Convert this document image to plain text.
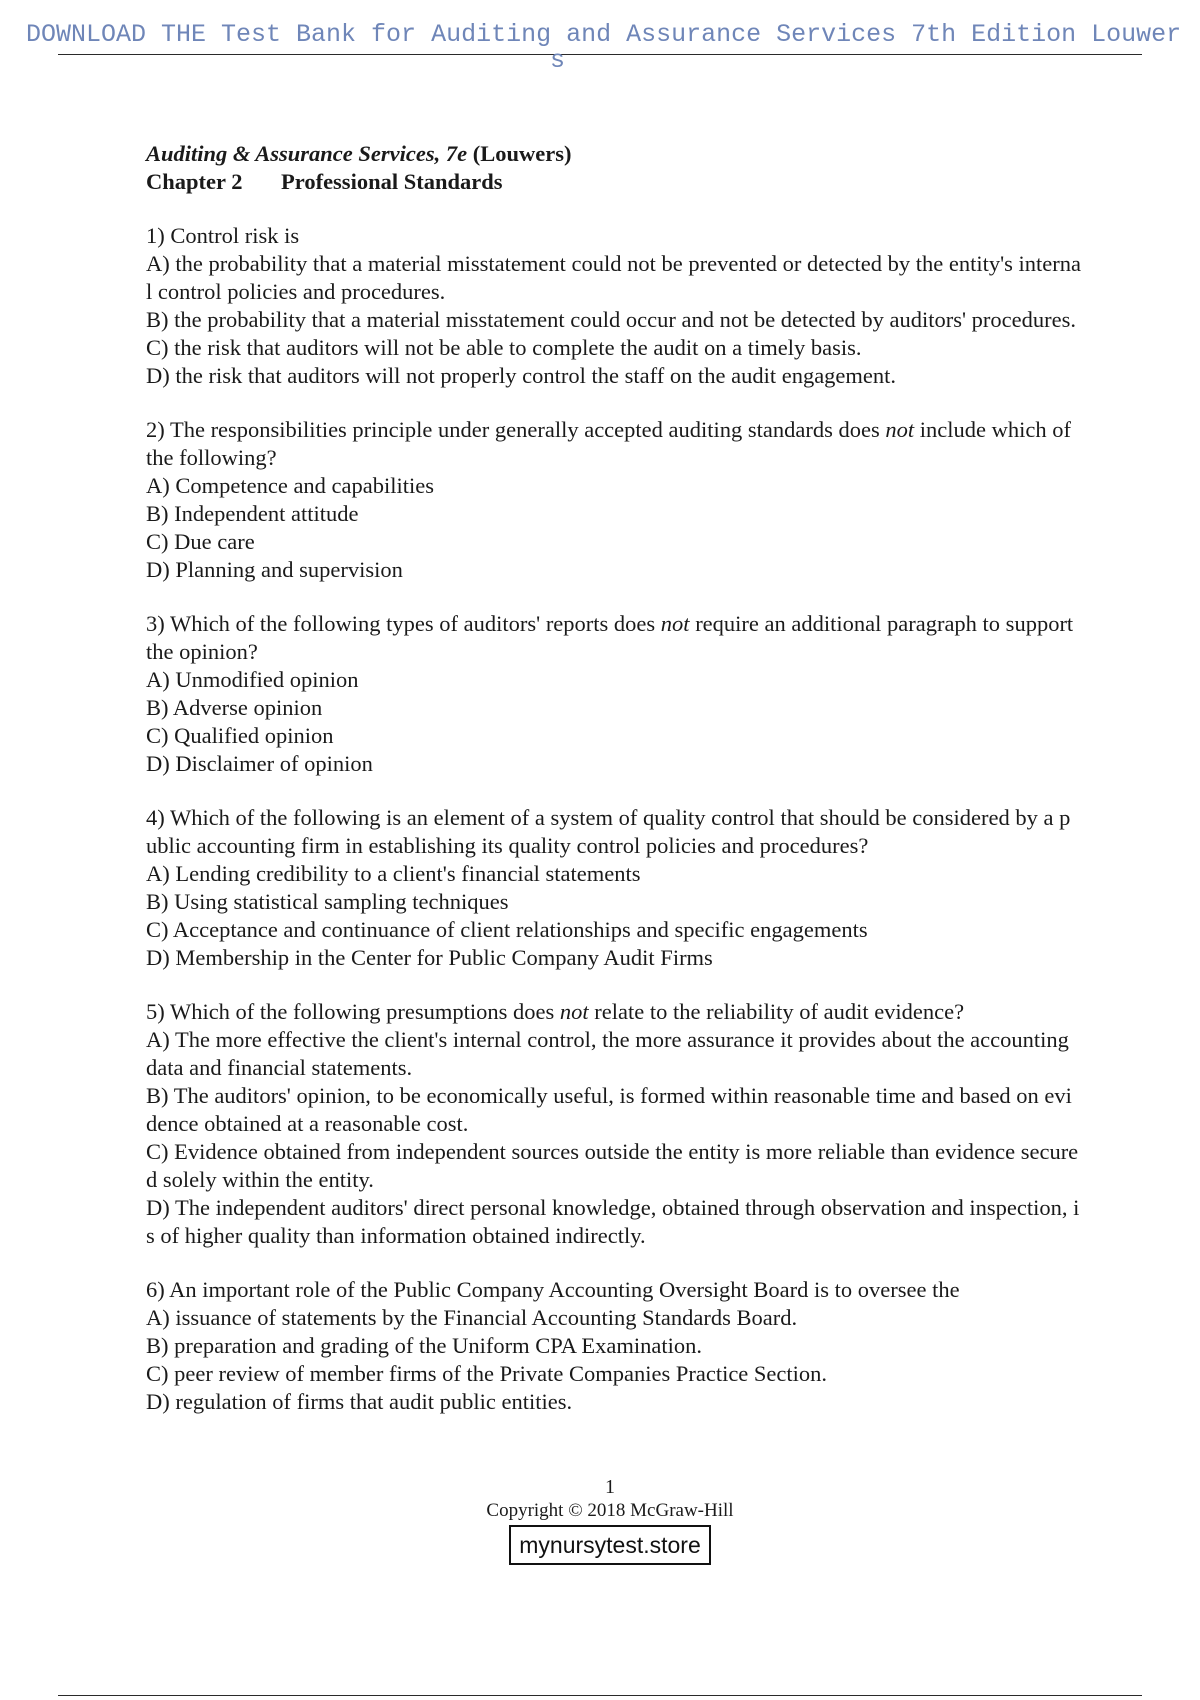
DOWNLOAD THE Test Bank for Auditing and Assurance Services 7th Edition Louwer
s
Auditing & Assurance Services, 7e (Louwers)
Chapter 2 Professional Standards
1) Control risk is
A) the probability that a material misstatement could not be prevented or detected by the entity's internal control policies and procedures.
B) the probability that a material misstatement could occur and not be detected by auditors' procedures.
C) the risk that auditors will not be able to complete the audit on a timely basis.
D) the risk that auditors will not properly control the staff on the audit engagement.
2) The responsibilities principle under generally accepted auditing standards does not include which of the following?
A) Competence and capabilities
B) Independent attitude
C) Due care
D) Planning and supervision
3) Which of the following types of auditors' reports does not require an additional paragraph to support the opinion?
A) Unmodified opinion
B) Adverse opinion
C) Qualified opinion
D) Disclaimer of opinion
4) Which of the following is an element of a system of quality control that should be considered by a public accounting firm in establishing its quality control policies and procedures?
A) Lending credibility to a client's financial statements
B) Using statistical sampling techniques
C) Acceptance and continuance of client relationships and specific engagements
D) Membership in the Center for Public Company Audit Firms
5) Which of the following presumptions does not relate to the reliability of audit evidence?
A) The more effective the client's internal control, the more assurance it provides about the accounting data and financial statements.
B) The auditors' opinion, to be economically useful, is formed within reasonable time and based on evidence obtained at a reasonable cost.
C) Evidence obtained from independent sources outside the entity is more reliable than evidence secured solely within the entity.
D) The independent auditors' direct personal knowledge, obtained through observation and inspection, is of higher quality than information obtained indirectly.
6) An important role of the Public Company Accounting Oversight Board is to oversee the
A) issuance of statements by the Financial Accounting Standards Board.
B) preparation and grading of the Uniform CPA Examination.
C) peer review of member firms of the Private Companies Practice Section.
D) regulation of firms that audit public entities.
1
Copyright © 2018 McGraw-Hill
mynursytest.store
